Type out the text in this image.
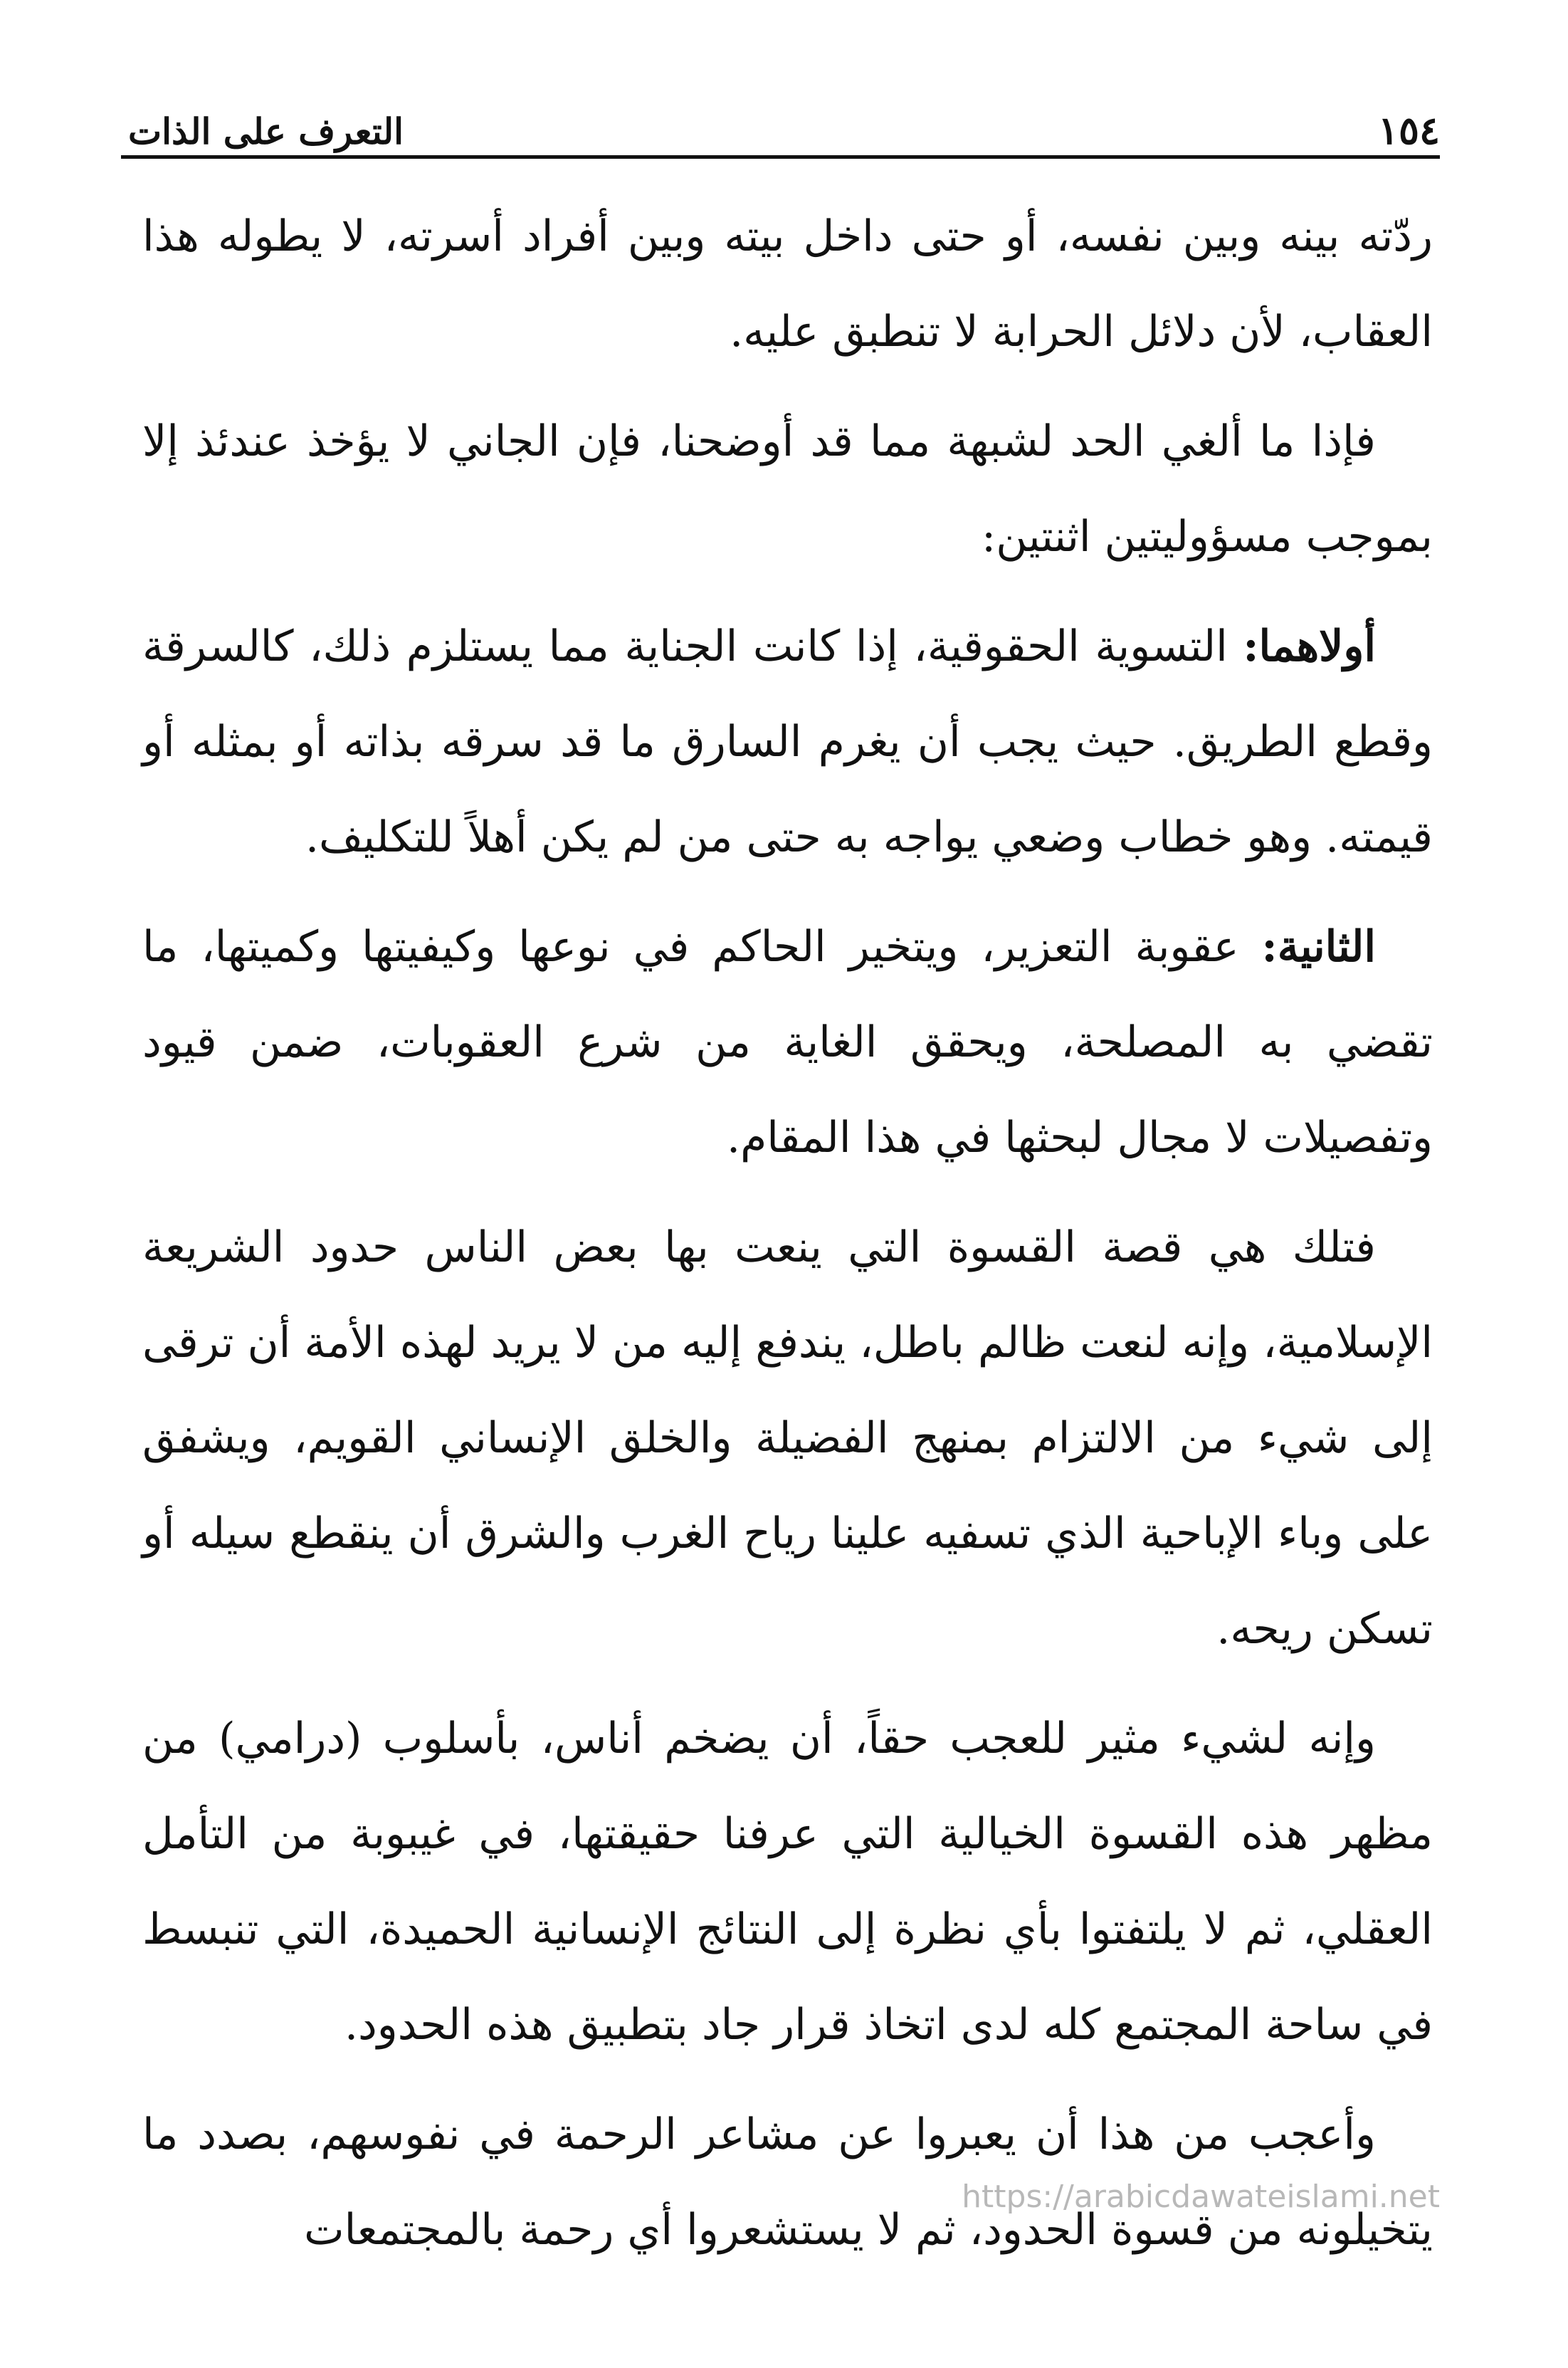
١٥٤
التعرف على الذات

ردّته بينه وبين نفسه، أو حتى داخل بيته وبين أفراد أسرته، لا يطوله هذا العقاب، لأن دلائل الحرابة لا تنطبق عليه.

فإذا ما ألغي الحد لشبهة مما قد أوضحنا، فإن الجاني لا يؤخذ عندئذ إلا بموجب مسؤوليتين اثنتين:

أولاهما: التسوية الحقوقية، إذا كانت الجناية مما يستلزم ذلك، كالسرقة وقطع الطريق. حيث يجب أن يغرم السارق ما قد سرقه بذاته أو بمثله أو قيمته. وهو خطاب وضعي يواجه به حتى من لم يكن أهلاً للتكليف.

الثانية: عقوبة التعزير، ويتخير الحاكم في نوعها وكيفيتها وكميتها، ما تقضي به المصلحة، ويحقق الغاية من شرع العقوبات، ضمن قيود وتفصيلات لا مجال لبحثها في هذا المقام.

فتلك هي قصة القسوة التي ينعت بها بعض الناس حدود الشريعة الإسلامية، وإنه لنعت ظالم باطل، يندفع إليه من لا يريد لهذه الأمة أن ترقى إلى شيء من الالتزام بمنهج الفضيلة والخلق الإنساني القويم، ويشفق على وباء الإباحية الذي تسفيه علينا رياح الغرب والشرق أن ينقطع سيله أو تسكن ريحه.

وإنه لشيء مثير للعجب حقاً، أن يضخم أناس، بأسلوب (درامي) من مظهر هذه القسوة الخيالية التي عرفنا حقيقتها، في غيبوبة من التأمل العقلي، ثم لا يلتفتوا بأي نظرة إلى النتائج الإنسانية الحميدة، التي تنبسط في ساحة المجتمع كله لدى اتخاذ قرار جاد بتطبيق هذه الحدود.

وأعجب من هذا أن يعبروا عن مشاعر الرحمة في نفوسهم، بصدد ما يتخيلونه من قسوة الحدود، ثم لا يستشعروا أي رحمة بالمجتمعات

https://arabicdawateislami.net
